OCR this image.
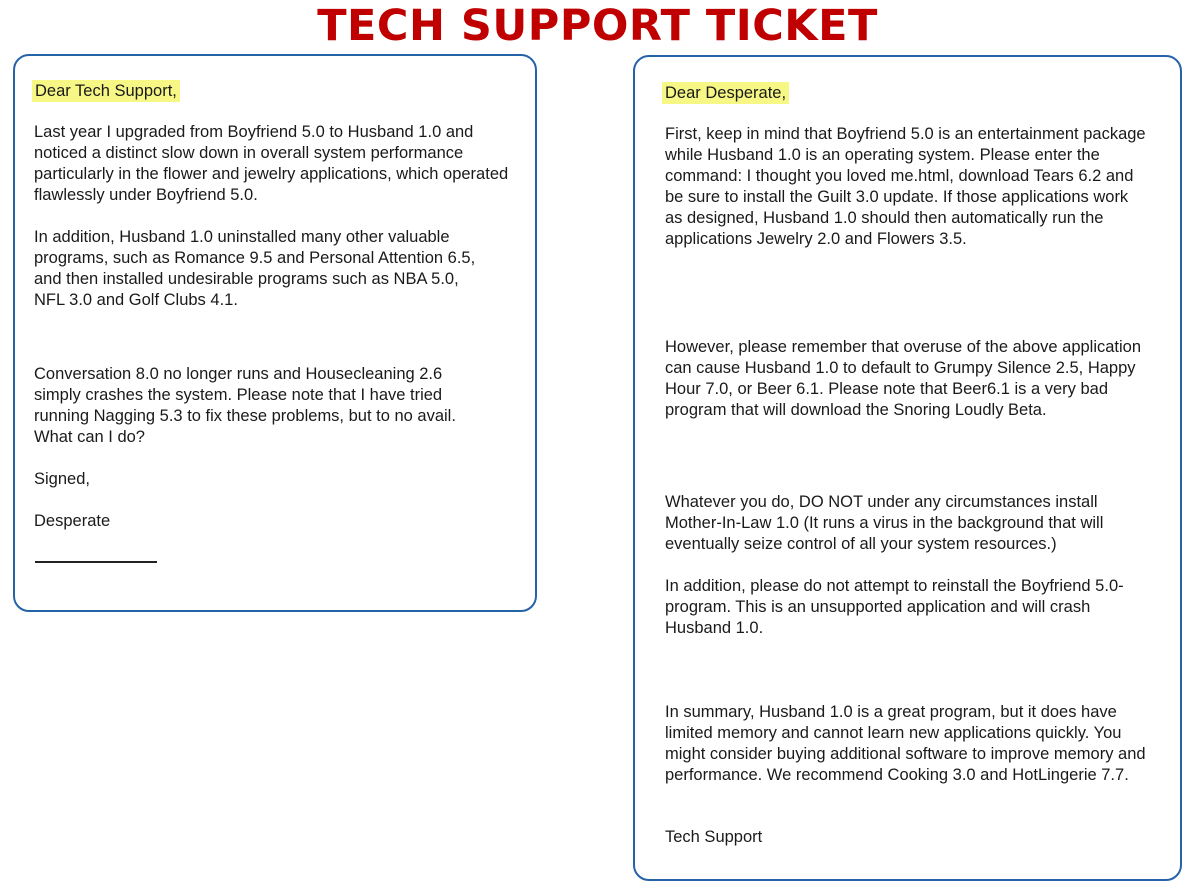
TECH SUPPORT TICKET

Dear Tech Support,

Last year I upgraded from Boyfriend 5.0 to Husband 1.0 and noticed a distinct slow down in overall system performance particularly in the flower and jewelry applications, which operated flawlessly under Boyfriend 5.0.

In addition, Husband 1.0 uninstalled many other valuable programs, such as Romance 9.5 and Personal Attention 6.5, and then installed undesirable programs such as NBA 5.0, NFL 3.0 and Golf Clubs 4.1.

Conversation 8.0 no longer runs and Housecleaning 2.6 simply crashes the system. Please note that I have tried running Nagging 5.3 to fix these problems, but to no avail. What can I do?

Signed,

Desperate

Dear Desperate,

First, keep in mind that Boyfriend 5.0 is an entertainment package while Husband 1.0 is an operating system. Please enter the command: I thought you loved me.html, download Tears 6.2 and be sure to install the Guilt 3.0 update. If those applications work as designed, Husband 1.0 should then automatically run the applications Jewelry 2.0 and Flowers 3.5.

However, please remember that overuse of the above application can cause Husband 1.0 to default to Grumpy Silence 2.5, Happy Hour 7.0, or Beer 6.1. Please note that Beer6.1 is a very bad program that will download the Snoring Loudly Beta.

Whatever you do, DO NOT under any circumstances install Mother-In-Law 1.0 (It runs a virus in the background that will eventually seize control of all your system resources.)

In addition, please do not attempt to reinstall the Boyfriend 5.0-program. This is an unsupported application and will crash Husband 1.0.

In summary, Husband 1.0 is a great program, but it does have limited memory and cannot learn new applications quickly. You might consider buying additional software to improve memory and performance. We recommend Cooking 3.0 and HotLingerie 7.7.

Tech Support
